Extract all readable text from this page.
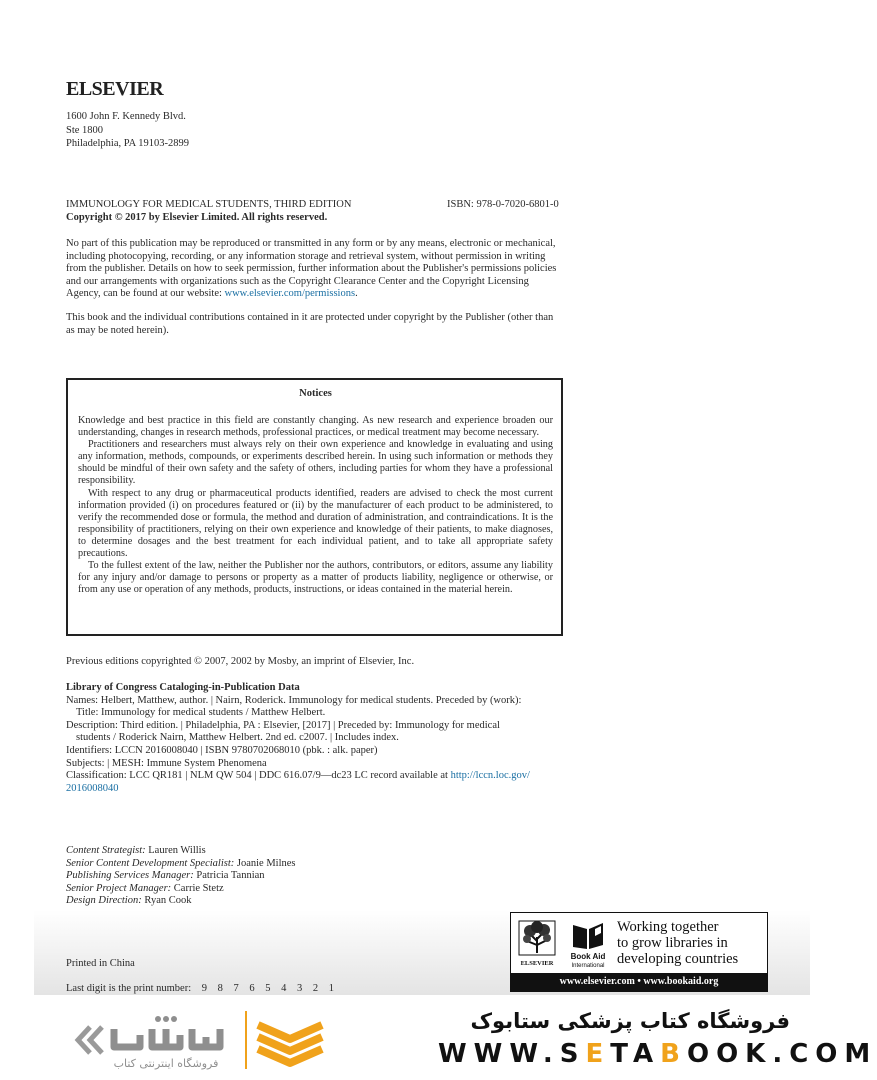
ELSEVIER
1600 John F. Kennedy Blvd.
Ste 1800
Philadelphia, PA 19103-2899
IMMUNOLOGY FOR MEDICAL STUDENTS, THIRD EDITION	ISBN: 978-0-7020-6801-0
Copyright © 2017 by Elsevier Limited. All rights reserved.
No part of this publication may be reproduced or transmitted in any form or by any means, electronic or mechanical, including photocopying, recording, or any information storage and retrieval system, without permission in writing from the publisher. Details on how to seek permission, further information about the Publisher's permissions policies and our arrangements with organizations such as the Copyright Clearance Center and the Copyright Licensing Agency, can be found at our website: www.elsevier.com/permissions.
This book and the individual contributions contained in it are protected under copyright by the Publisher (other than as may be noted herein).
Notices

Knowledge and best practice in this field are constantly changing. As new research and experience broaden our understanding, changes in research methods, professional practices, or medical treatment may become necessary.

Practitioners and researchers must always rely on their own experience and knowledge in evaluating and using any information, methods, compounds, or experiments described herein. In using such information or methods they should be mindful of their own safety and the safety of others, including parties for whom they have a professional responsibility.

With respect to any drug or pharmaceutical products identified, readers are advised to check the most current information provided (i) on procedures featured or (ii) by the manufacturer of each product to be administered, to verify the recommended dose or formula, the method and duration of administration, and contraindications. It is the responsibility of practitioners, relying on their own experience and knowledge of their patients, to make diagnoses, to determine dosages and the best treatment for each individual patient, and to take all appropriate safety precautions.

To the fullest extent of the law, neither the Publisher nor the authors, contributors, or editors, assume any liability for any injury and/or damage to persons or property as a matter of products liability, negligence or otherwise, or from any use or operation of any methods, products, instructions, or ideas contained in the material herein.

Previous editions copyrighted © 2007, 2002 by Mosby, an imprint of Elsevier, Inc.
Library of Congress Cataloging-in-Publication Data
Names: Helbert, Matthew, author. | Nairn, Roderick. Immunology for medical students. Preceded by (work):
Title: Immunology for medical students / Matthew Helbert.
Description: Third edition. | Philadelphia, PA : Elsevier, [2017] | Preceded by: Immunology for medical
students / Roderick Nairn, Matthew Helbert. 2nd ed. c2007. | Includes index.
Identifiers: LCCN 2016008040 | ISBN 9780702068010 (pbk. : alk. paper)
Subjects: | MESH: Immune System Phenomena
Classification: LCC QR181 | NLM QW 504 | DDC 616.07/9—dc23 LC record available at http://lccn.loc.gov/
2016008040
Content Strategist: Lauren Willis
Senior Content Development Specialist: Joanie Milnes
Publishing Services Manager: Patricia Tannian
Senior Project Manager: Carrie Stetz
Design Direction: Ryan Cook
Printed in China
Last digit is the print number: 9 8 7 6 5 4 3 2 1
ELSEVIER
Book Aid
International
Working together
to grow libraries in
developing countries
www.elsevier.com • www.bookaid.org
فروشگاه اینترنتی کتاب
فروشگاه کتاب پزشکی ستابوک
WWW.SETABOOK.COM
